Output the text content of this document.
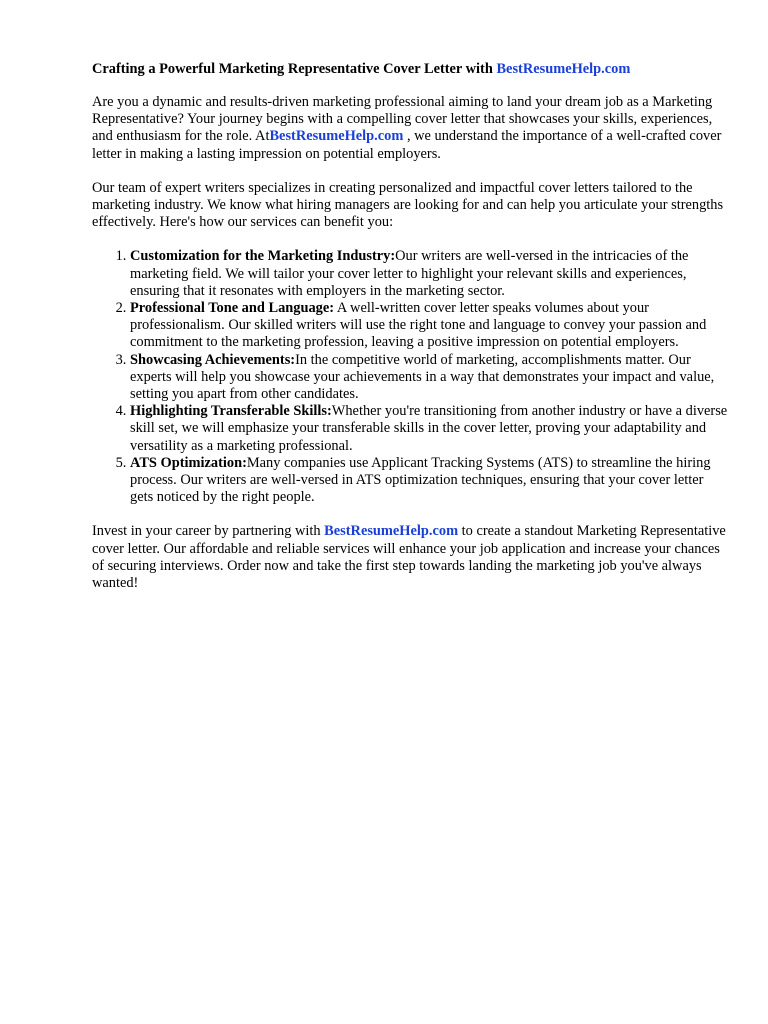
Crafting a Powerful Marketing Representative Cover Letter with BestResumeHelp.com

Are you a dynamic and results-driven marketing professional aiming to land your dream job as a Marketing Representative? Your journey begins with a compelling cover letter that showcases your skills, experiences, and enthusiasm for the role. AtBestResumeHelp.com , we understand the importance of a well-crafted cover letter in making a lasting impression on potential employers.

Our team of expert writers specializes in creating personalized and impactful cover letters tailored to the marketing industry. We know what hiring managers are looking for and can help you articulate your strengths effectively. Here's how our services can benefit you:

1. Customization for the Marketing Industry:Our writers are well-versed in the intricacies of the marketing field. We will tailor your cover letter to highlight your relevant skills and experiences, ensuring that it resonates with employers in the marketing sector.
2. Professional Tone and Language: A well-written cover letter speaks volumes about your professionalism. Our skilled writers will use the right tone and language to convey your passion and commitment to the marketing profession, leaving a positive impression on potential employers.
3. Showcasing Achievements:In the competitive world of marketing, accomplishments matter. Our experts will help you showcase your achievements in a way that demonstrates your impact and value, setting you apart from other candidates.
4. Highlighting Transferable Skills:Whether you're transitioning from another industry or have a diverse skill set, we will emphasize your transferable skills in the cover letter, proving your adaptability and versatility as a marketing professional.
5. ATS Optimization:Many companies use Applicant Tracking Systems (ATS) to streamline the hiring process. Our writers are well-versed in ATS optimization techniques, ensuring that your cover letter gets noticed by the right people.

Invest in your career by partnering with BestResumeHelp.com to create a standout Marketing Representative cover letter. Our affordable and reliable services will enhance your job application and increase your chances of securing interviews. Order now and take the first step towards landing the marketing job you've always wanted!
